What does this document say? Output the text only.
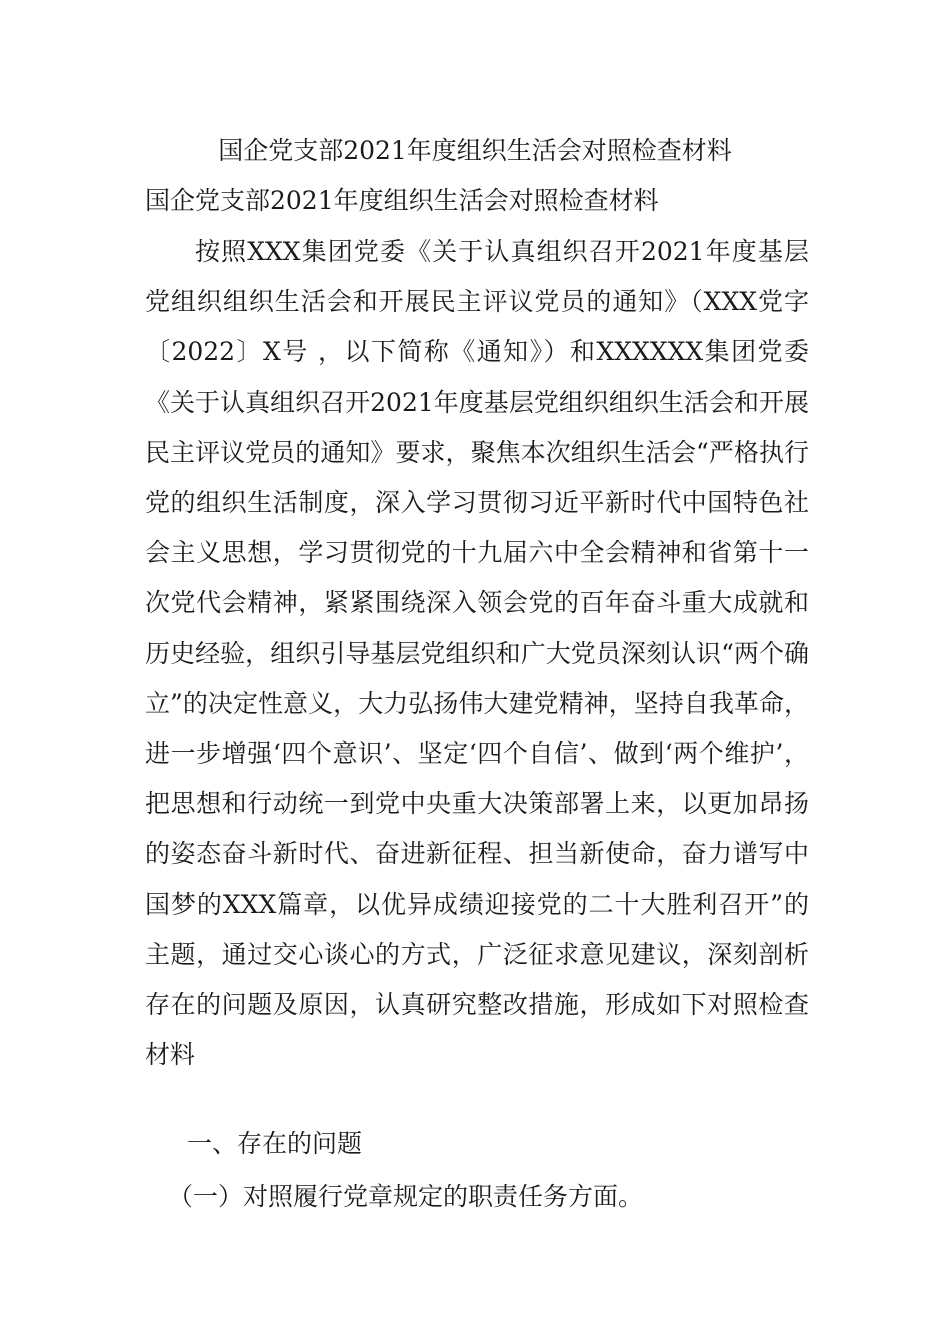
国企党支部2021年度组织生活会对照检查材料
国企党支部2021年度组织生活会对照检查材料

按照XXX集团党委《关于认真组织召开2021年度基层党组织组织生活会和开展民主评议党员的通知》（XXX党字〔2022〕X号 ，以下简称《通知》）和XXXXXX集团党委《关于认真组织召开2021年度基层党组织组织生活会和开展民主评议党员的通知》要求，聚焦本次组织生活会“严格执行党的组织生活制度，深入学习贯彻习近平新时代中国特色社会主义思想，学习贯彻党的十九届六中全会精神和省第十一次党代会精神，紧紧围绕深入领会党的百年奋斗重大成就和历史经验，组织引导基层党组织和广大党员深刻认识“两个确立”的决定性意义，大力弘扬伟大建党精神，坚持自我革命，进一步增强‘四个意识’、坚定‘四个自信’、做到‘两个维护’，把思想和行动统一到党中央重大决策部署上来，以更加昂扬的姿态奋斗新时代、奋进新征程、担当新使命，奋力谱写中国梦的XXX篇章，以优异成绩迎接党的二十大胜利召开”的主题，通过交心谈心的方式，广泛征求意见建议，深刻剖析存在的问题及原因，认真研究整改措施，形成如下对照检查材料

一、存在的问题
（一）对照履行党章规定的职责任务方面。
